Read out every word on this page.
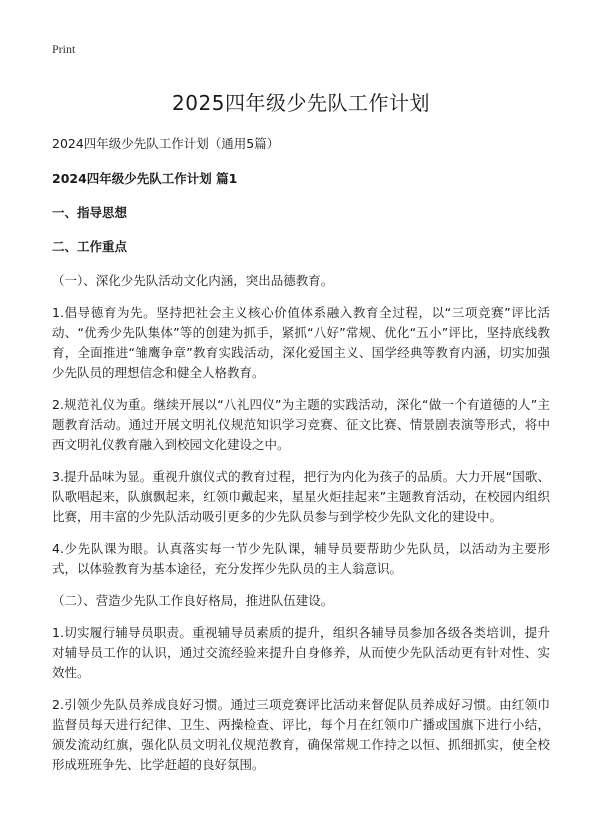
Print
2025四年级少先队工作计划

2024四年级少先队工作计划（通用5篇）

2024四年级少先队工作计划 篇1

一、指导思想

二、工作重点

（一）、深化少先队活动文化内涵，突出品德教育。

1.倡导德育为先。坚持把社会主义核心价值体系融入教育全过程，以“三项竞赛”评比活动、“优秀少先队集体”等的创建为抓手，紧抓“八好”常规、优化“五小”评比，坚持底线教育，全面推进“雏鹰争章”教育实践活动，深化爱国主义、国学经典等教育内涵，切实加强少先队员的理想信念和健全人格教育。

2.规范礼仪为重。继续开展以“八礼四仪”为主题的实践活动，深化“做一个有道德的人”主题教育活动。通过开展文明礼仪规范知识学习竞赛、征文比赛、情景剧表演等形式，将中西文明礼仪教育融入到校园文化建设之中。

3.提升品味为显。重视升旗仪式的教育过程，把行为内化为孩子的品质。大力开展“国歌、队歌唱起来，队旗飘起来，红领巾戴起来，星星火炬挂起来”主题教育活动，在校园内组织比赛，用丰富的少先队活动吸引更多的少先队员参与到学校少先队文化的建设中。

4.少先队课为眼。认真落实每一节少先队课，辅导员要帮助少先队员，以活动为主要形式，以体验教育为基本途径，充分发挥少先队员的主人翁意识。

（二）、营造少先队工作良好格局，推进队伍建设。

1.切实履行辅导员职责。重视辅导员素质的提升，组织各辅导员参加各级各类培训，提升对辅导员工作的认识，通过交流经验来提升自身修养，从而使少先队活动更有针对性、实效性。

2.引领少先队员养成良好习惯。通过三项竞赛评比活动来督促队员养成好习惯。由红领巾监督员每天进行纪律、卫生、两操检查、评比，每个月在红领巾广播或国旗下进行小结，颁发流动红旗，强化队员文明礼仪规范教育，确保常规工作持之以恒、抓细抓实，使全校形成班班争先、比学赶超的良好氛围。
